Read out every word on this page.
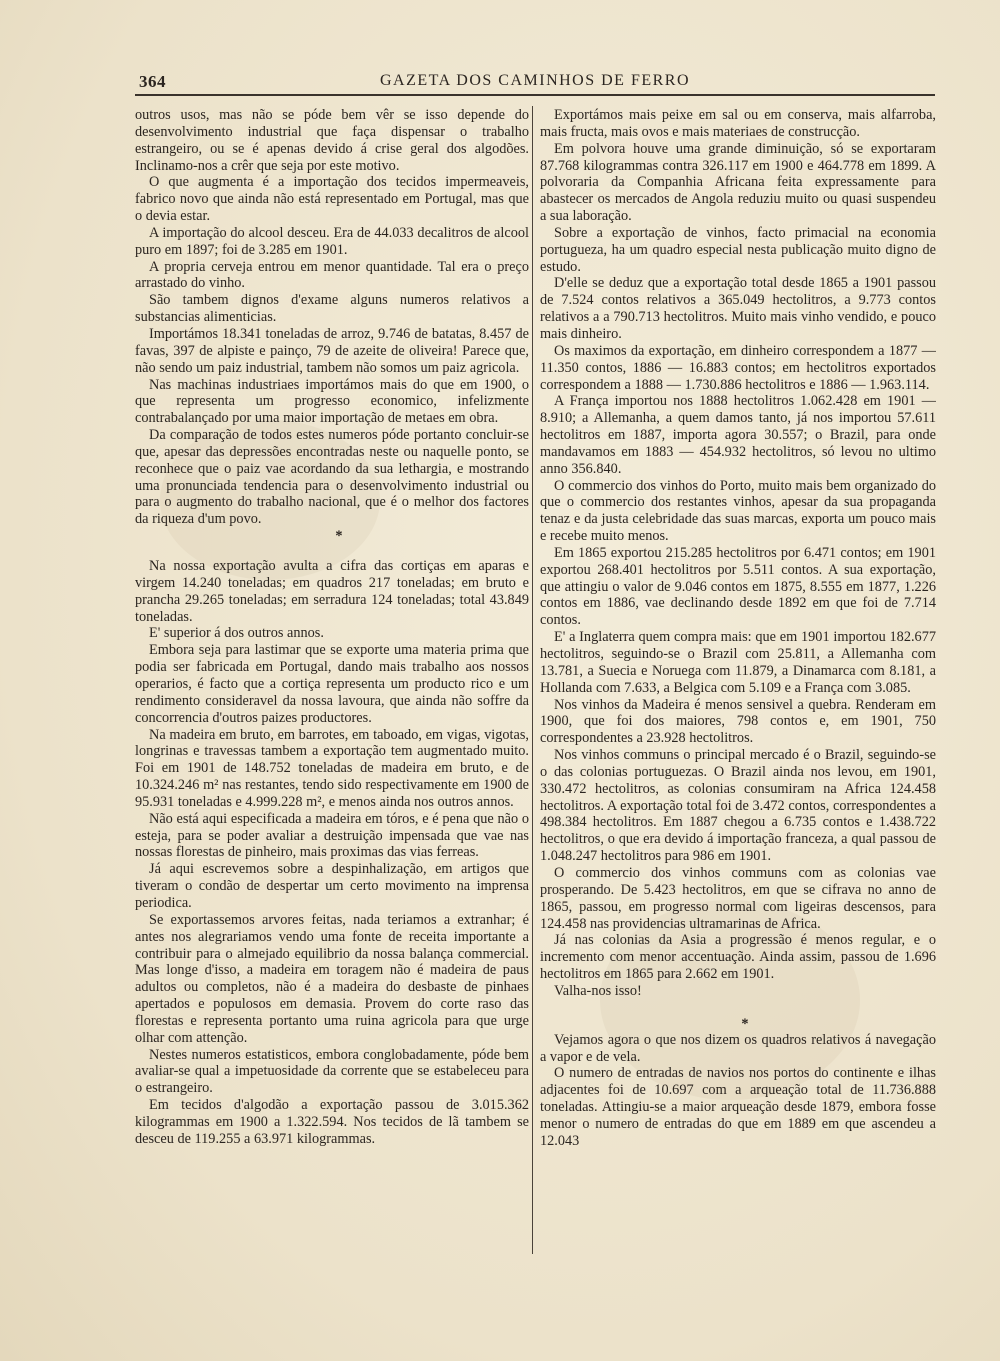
364	GAZETA DOS CAMINHOS DE FERRO

outros usos, mas não se póde bem vêr se isso depende do desenvolvimento industrial que faça dispensar o trabalho estrangeiro, ou se é apenas devido á crise geral dos algodões. Inclinamo-nos a crêr que seja por este motivo.

O que augmenta é a importação dos tecidos impermeaveis, fabrico novo que ainda não está representado em Portugal, mas que o devia estar.

A importação do alcool desceu. Era de 44.033 decalitros de alcool puro em 1897; foi de 3.285 em 1901.

A propria cerveja entrou em menor quantidade. Tal era o preço arrastado do vinho.

São tambem dignos d'exame alguns numeros relativos a substancias alimenticias.

Importámos 18.341 toneladas de arroz, 9.746 de batatas, 8.457 de favas, 397 de alpiste e painço, 79 de azeite de oliveira! Parece que, não sendo um paiz industrial, tambem não somos um paiz agricola.

Nas machinas industriaes importámos mais do que em 1900, o que representa um progresso economico, infelizmente contrabalançado por uma maior importação de metaes em obra.

Da comparação de todos estes numeros póde portanto concluir-se que, apesar das depressões encontradas neste ou naquelle ponto, se reconhece que o paiz vae acordando da sua lethargia, e mostrando uma pronunciada tendencia para o desenvolvimento industrial ou para o augmento do trabalho nacional, que é o melhor dos factores da riqueza d'um povo.

*

Na nossa exportação avulta a cifra das cortiças em aparas e virgem 14.240 toneladas; em quadros 217 toneladas; em bruto e prancha 29.265 toneladas; em serradura 124 toneladas; total 43.849 toneladas.

E' superior á dos outros annos.

Embora seja para lastimar que se exporte uma materia prima que podia ser fabricada em Portugal, dando mais trabalho aos nossos operarios, é facto que a cortiça representa um producto rico e um rendimento consideravel da nossa lavoura, que ainda não soffre da concorrencia d'outros paizes productores.

Na madeira em bruto, em barrotes, em taboado, em vigas, vigotas, longrinas e travessas tambem a exportação tem augmentado muito. Foi em 1901 de 148.752 toneladas de madeira em bruto, e de 10.324.246 m² nas restantes, tendo sido respectivamente em 1900 de 95.931 toneladas e 4.999.228 m², e menos ainda nos outros annos.

Não está aqui especificada a madeira em tóros, e é pena que não o esteja, para se poder avaliar a destruição impensada que vae nas nossas florestas de pinheiro, mais proximas das vias ferreas.

Já aqui escrevemos sobre a despinhalização, em artigos que tiveram o condão de despertar um certo movimento na imprensa periodica.

Se exportassemos arvores feitas, nada teriamos a extranhar; é antes nos alegrariamos vendo uma fonte de receita importante a contribuir para o almejado equilibrio da nossa balança commercial. Mas longe d'isso, a madeira em toragem não é madeira de paus adultos ou completos, não é a madeira do desbaste de pinhaes apertados e populosos em demasia. Provem do corte raso das florestas e representa portanto uma ruina agricola para que urge olhar com attenção.

Nestes numeros estatisticos, embora conglobadamente, póde bem avaliar-se qual a impetuosidade da corrente que se estabeleceu para o estrangeiro.

Em tecidos d'algodão a exportação passou de 3.015.362 kilogrammas em 1900 a 1.322.594. Nos tecidos de lã tambem se desceu de 119.255 a 63.971 kilogrammas.

Exportámos mais peixe em sal ou em conserva, mais alfarroba, mais fructa, mais ovos e mais materiaes de construcção.

Em polvora houve uma grande diminuição, só se exportaram 87.768 kilogrammas contra 326.117 em 1900 e 464.778 em 1899. A polvoraria da Companhia Africana feita expressamente para abastecer os mercados de Angola reduziu muito ou quasi suspendeu a sua laboração.

Sobre a exportação de vinhos, facto primacial na economia portugueza, ha um quadro especial nesta publicação muito digno de estudo.

D'elle se deduz que a exportação total desde 1865 a 1901 passou de 7.524 contos relativos a 365.049 hectolitros, a 9.773 contos relativos a a 790.713 hectolitros. Muito mais vinho vendido, e pouco mais dinheiro.

Os maximos da exportação, em dinheiro correspondem a 1877 — 11.350 contos, 1886 — 16.883 contos; em hectolitros exportados correspondem a 1888 — 1.730.886 hectolitros e 1886 — 1.963.114.

A França importou nos 1888 hectolitros 1.062.428 em 1901 — 8.910; a Allemanha, a quem damos tanto, já nos importou 57.611 hectolitros em 1887, importa agora 30.557; o Brazil, para onde mandavamos em 1883 — 454.932 hectolitros, só levou no ultimo anno 356.840.

O commercio dos vinhos do Porto, muito mais bem organizado do que o commercio dos restantes vinhos, apesar da sua propaganda tenaz e da justa celebridade das suas marcas, exporta um pouco mais e recebe muito menos.

Em 1865 exportou 215.285 hectolitros por 6.471 contos; em 1901 exportou 268.401 hectolitros por 5.511 contos. A sua exportação, que attingiu o valor de 9.046 contos em 1875, 8.555 em 1877, 1.226 contos em 1886, vae declinando desde 1892 em que foi de 7.714 contos.

E' a Inglaterra quem compra mais: que em 1901 importou 182.677 hectolitros, seguindo-se o Brazil com 25.811, a Allemanha com 13.781, a Suecia e Noruega com 11.879, a Dinamarca com 8.181, a Hollanda com 7.633, a Belgica com 5.109 e a França com 3.085.

Nos vinhos da Madeira é menos sensivel a quebra. Renderam em 1900, que foi dos maiores, 798 contos e, em 1901, 750 correspondentes a 23.928 hectolitros.

Nos vinhos communs o principal mercado é o Brazil, seguindo-se o das colonias portuguezas. O Brazil ainda nos levou, em 1901, 330.472 hectolitros, as colonias consumiram na Africa 124.458 hectolitros. A exportação total foi de 3.472 contos, correspondentes a 498.384 hectolitros. Em 1887 chegou a 6.735 contos e 1.438.722 hectolitros, o que era devido á importação franceza, a qual passou de 1.048.247 hectolitros para 986 em 1901.

O commercio dos vinhos communs com as colonias vae prosperando. De 5.423 hectolitros, em que se cifrava no anno de 1865, passou, em progresso normal com ligeiras descensos, para 124.458 nas providencias ultramarinas de Africa.

Já nas colonias da Asia a progressão é menos regular, e o incremento com menor accentuação. Ainda assim, passou de 1.696 hectolitros em 1865 para 2.662 em 1901.

Valha-nos isso!

*

Vejamos agora o que nos dizem os quadros relativos á navegação a vapor e de vela.

O numero de entradas de navios nos portos do continente e ilhas adjacentes foi de 10.697 com a arqueação total de 11.736.888 toneladas. Attingiu-se a maior arqueação desde 1879, embora fosse menor o numero de entradas do que em 1889 em que ascendeu a 12.043
